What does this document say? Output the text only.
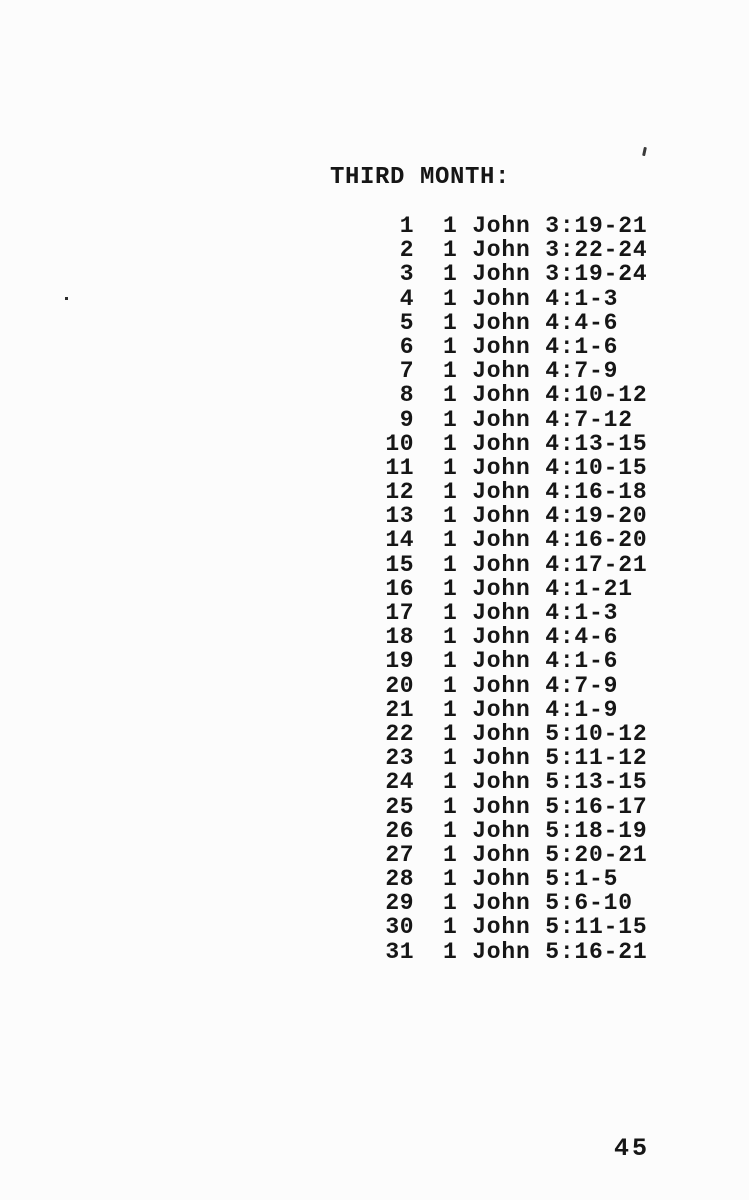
THIRD MONTH:
1 1 John 3:19-21
2 1 John 3:22-24
3 1 John 3:19-24
4 1 John 4:1-3
5 1 John 4:4-6
6 1 John 4:1-6
7 1 John 4:7-9
8 1 John 4:10-12
9 1 John 4:7-12
10 1 John 4:13-15
11 1 John 4:10-15
12 1 John 4:16-18
13 1 John 4:19-20
14 1 John 4:16-20
15 1 John 4:17-21
16 1 John 4:1-21
17 1 John 4:1-3
18 1 John 4:4-6
19 1 John 4:1-6
20 1 John 4:7-9
21 1 John 4:1-9
22 1 John 5:10-12
23 1 John 5:11-12
24 1 John 5:13-15
25 1 John 5:16-17
26 1 John 5:18-19
27 1 John 5:20-21
28 1 John 5:1-5
29 1 John 5:6-10
30 1 John 5:11-15
31 1 John 5:16-21
45
